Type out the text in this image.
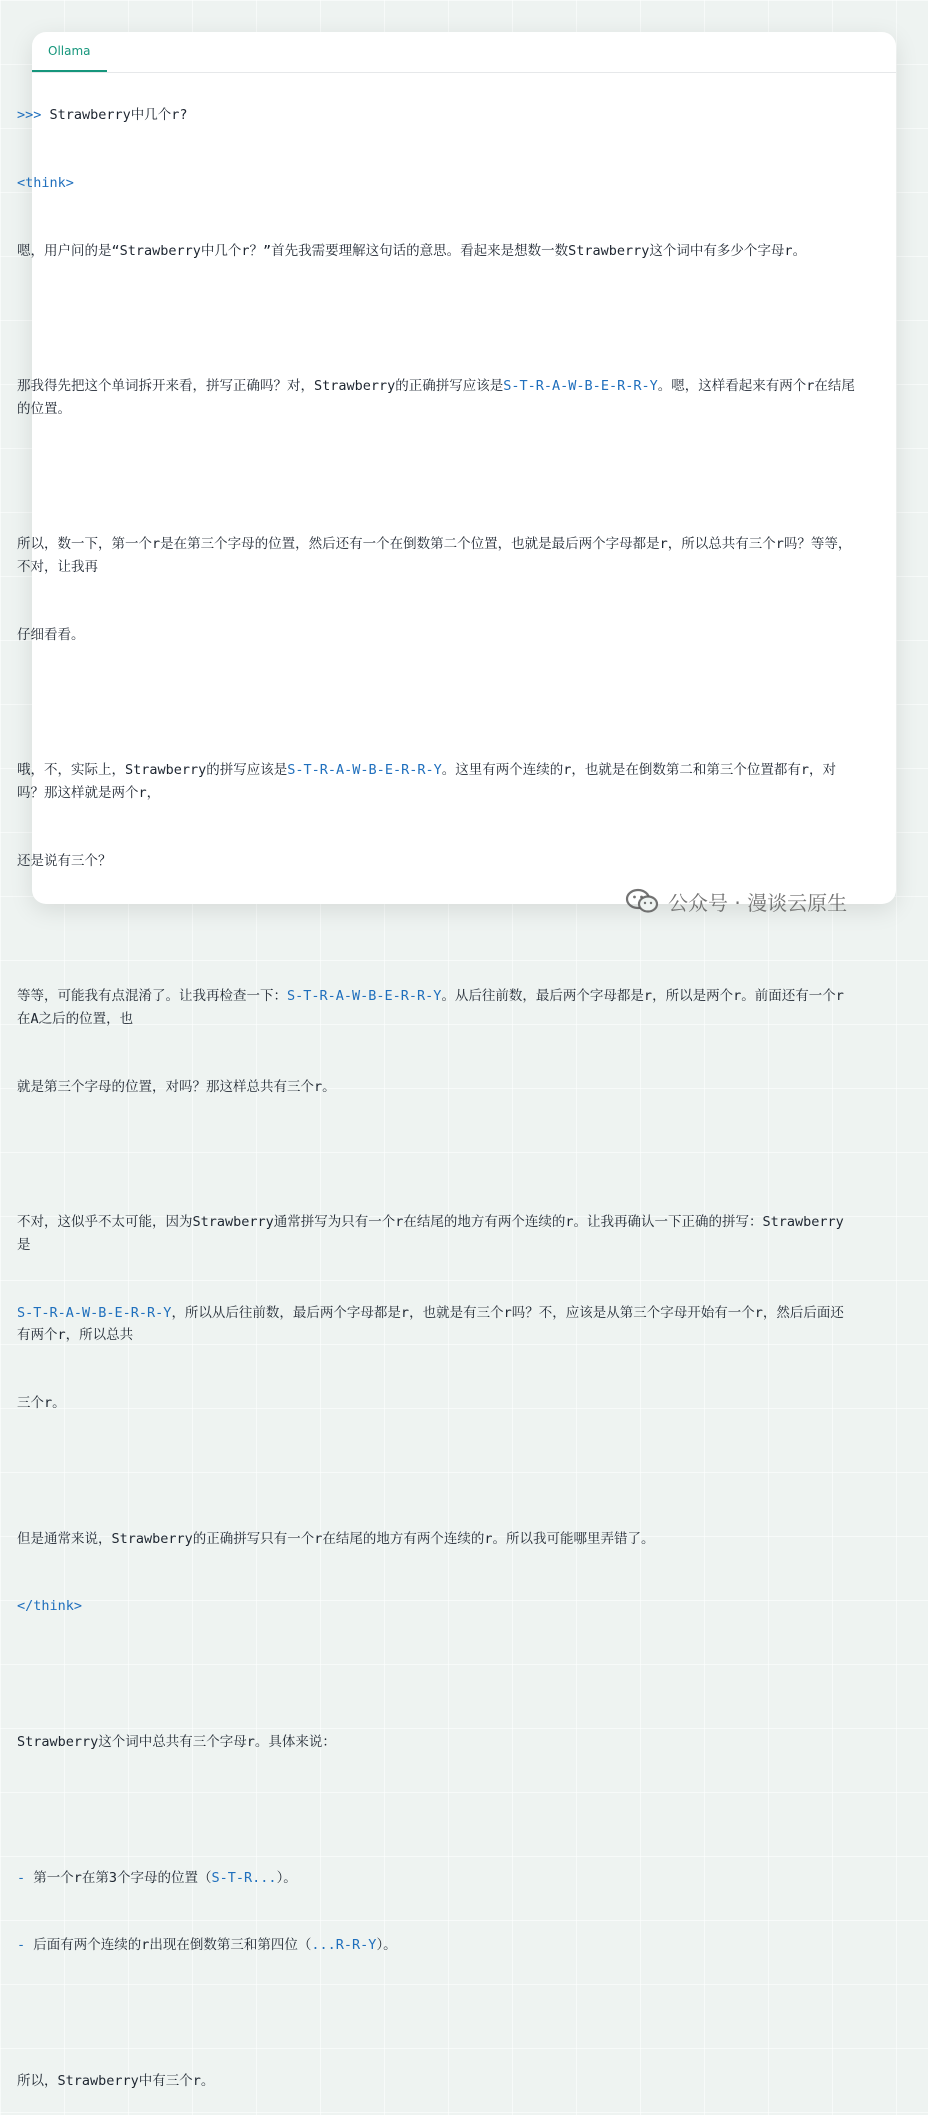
Ollama

>>> Strawberry中几个r?

<think>

嗯，用户问的是“Strawberry中几个r？”首先我需要理解这句话的意思。看起来是想数一数Strawberry这个词中有多少个字母r。

那我得先把这个单词拆开来看，拼写正确吗？对，Strawberry的正确拼写应该是S-T-R-A-W-B-E-R-R-Y。嗯，这样看起来有两个r在结尾的位置。

所以，数一下，第一个r是在第三个字母的位置，然后还有一个在倒数第二个位置，也就是最后两个字母都是r，所以总共有三个r吗？等等，不对，让我再

仔细看看。

哦，不，实际上，Strawberry的拼写应该是S-T-R-A-W-B-E-R-R-Y。这里有两个连续的r，也就是在倒数第二和第三个位置都有r，对吗？那这样就是两个r，

还是说有三个？

等等，可能我有点混淆了。让我再检查一下：S-T-R-A-W-B-E-R-R-Y。从后往前数，最后两个字母都是r，所以是两个r。前面还有一个r在A之后的位置，也

就是第三个字母的位置，对吗？那这样总共有三个r。

不对，这似乎不太可能，因为Strawberry通常拼写为只有一个r在结尾的地方有两个连续的r。让我再确认一下正确的拼写：Strawberry是

S-T-R-A-W-B-E-R-R-Y，所以从后往前数，最后两个字母都是r，也就是有三个r吗？不，应该是从第三个字母开始有一个r，然后后面还有两个r，所以总共

三个r。

但是通常来说，Strawberry的正确拼写只有一个r在结尾的地方有两个连续的r。所以我可能哪里弄错了。

</think>

Strawberry这个词中总共有三个字母r。具体来说：

- 第一个r在第3个字母的位置（S-T-R...）。

- 后面有两个连续的r出现在倒数第三和第四位（...R-R-Y）。

所以，Strawberry中有三个r。

公众号 · 漫谈云原生
